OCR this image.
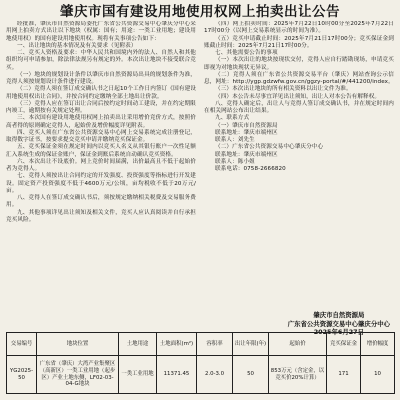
肇庆市国有建设用地使用权网上拍卖出让公告

经批准，肇庆市自然资源局委托广东省公共资源交易中心肇庆分中心采用网上拍卖方式出让以下地块（权属：国有；用途：一类工业用地；建设用地使用权）的国有建设用地使用权。现将有关事项公告如下：

一、出让地块的基本情况及有关要求（见附表）

二、竞买人资格及要求：中华人民共和国境内外的法人、自然人和其他组织均可申请参加，除法律法规另有规定的外。本次出让地块不接受联合竞买。

（一）地块的规划设计条件以肇庆市自然资源局出具的规划条件为准，竞得人须按规划设计条件进行建设。

（二）竞得人须在签订成交确认书之日起10个工作日内签订《国有建设用地使用权出让合同》，并按合同约定缴纳全部土地出让价款。

（三）竞得人应在签订出让合同后按约定时间动工建设，并在约定期限内竣工，逾期按有关规定处理。

三、本次国有建设用地使用权网上拍卖出让采用增价竞价方式，按照价高者得的原则确定竞得人，起始价及增价幅度详见附表。

四、竞买人须在广东省公共资源交易中心网上交易系统完成注册登记，取得数字证书，按要求提交竞买申请并缴纳竞买保证金。

五、竞买保证金须在规定时间内以竞买人名义从其银行账户一次性足额汇入系统生成的保证金账户，保证金到账后系统自动确认竞买资格。

六、本次出让不设底价。网上竞价时间届满，出价最高且不低于起始价者为竞得人。

七、竞得人须按出让合同约定的开发强度、投资强度等指标进行开发建设。固定资产投资强度不低于4600万元/公顷，亩均税收不低于20万元/亩。

八、竞得人在签订成交确认书后，须按规定缴纳相关税费及交易服务费用。

九、其他事项详见出让须知及相关文件，竞买人应认真阅读并自行承担竞买风险。

（四）网上拍卖时间：2025年7月22日10时00分至2025年7月22日17时00分（以网上交易系统显示的时间为准）。

（五）竞买申请截止时间：2025年7月21日17时00分；竞买保证金到账截止时间：2025年7月21日17时00分。

七、其他需要公告的事项

（一）本次出让的地块按现状交付，竞得人应自行踏勘现场，申请竞买即视为对地块现状无异议。

（二）竞得人须在广东省公共资源交易平台（肇庆）网站查询公示信息，网址：http://ygp.gdzwfw.gov.cn/ggzy-portal/#/441200/index。

（三）本次出让地块的所有相关资料以出让文件为准。

（四）本公告未尽事宜详见出让须知，出让人对本公告有解释权。

八、竞得人确定后，出让人与竞得人签订成交确认书，并在规定时间内在相关网站公布出让结果。

九、联系方式

（一）肇庆市自然资源局

联系地址：肇庆市端州区

联系人：刘先生

（二）广东省公共资源交易中心肇庆分中心

联系地址：肇庆市端州区

联系人：陈小姐

联系电话：0758-2666820

肇庆市自然资源局
广东省公共资源交易中心肇庆分中心
2025年6月27日
交易编号	地块位置	土地用途	土地面积(m²)	容积率	出让年限(年)	起始价	竞买保证金	增价幅度
YG2025-50	广东省（肇庆）大湾产业集聚区（高新区）一类工业用地（起步区）产业土地东侧，LF02-03-04-G地块	一类工业用地	11371.45	2.0-3.0	50	853万元（含定金，以竞买价20%计算）	171	10
